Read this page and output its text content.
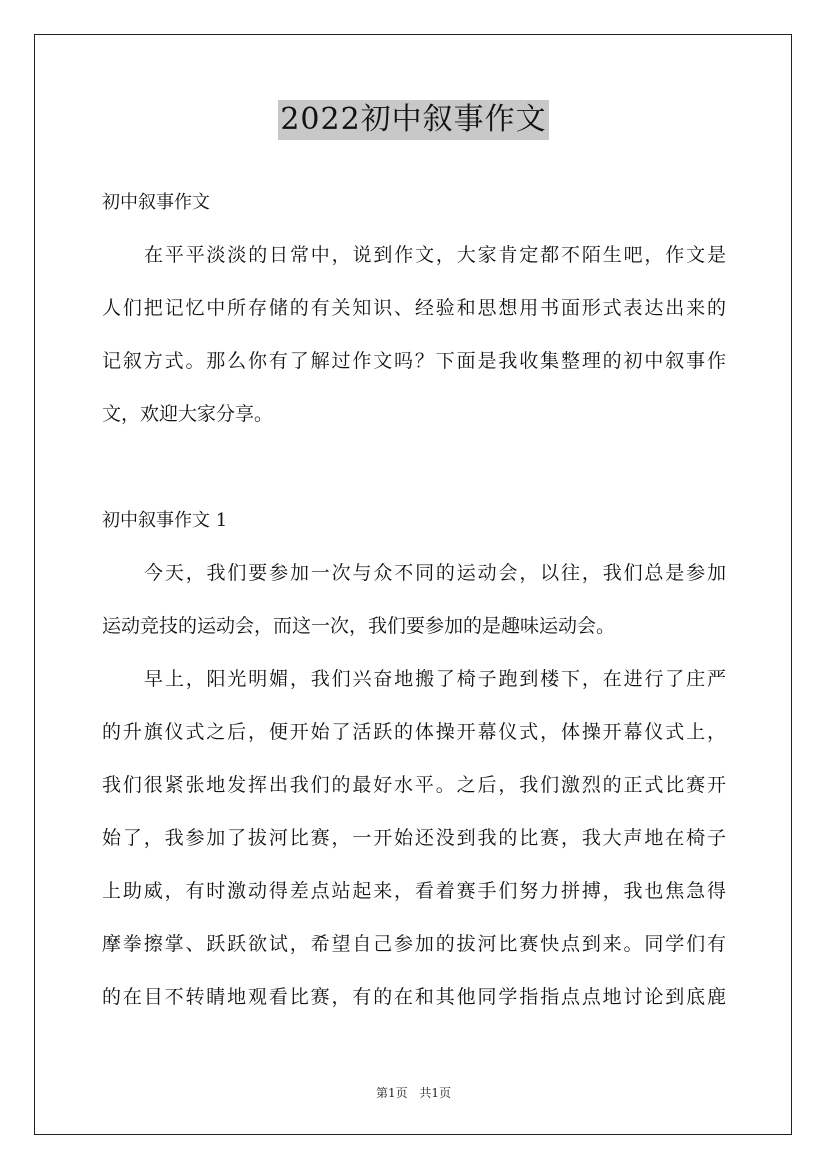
2022初中叙事作文
初中叙事作文
在平平淡淡的日常中，说到作文，大家肯定都不陌生吧，作文是
人们把记忆中所存储的有关知识、经验和思想用书面形式表达出来的
记叙方式。那么你有了解过作文吗？下面是我收集整理的初中叙事作
文，欢迎大家分享。
初中叙事作文 1
今天，我们要参加一次与众不同的运动会，以往，我们总是参加
运动竞技的运动会，而这一次，我们要参加的是趣味运动会。
早上，阳光明媚，我们兴奋地搬了椅子跑到楼下，在进行了庄严
的升旗仪式之后，便开始了活跃的体操开幕仪式，体操开幕仪式上，
我们很紧张地发挥出我们的最好水平。之后，我们激烈的正式比赛开
始了，我参加了拔河比赛，一开始还没到我的比赛，我大声地在椅子
上助威，有时激动得差点站起来，看着赛手们努力拼搏，我也焦急得
摩拳擦掌、跃跃欲试，希望自己参加的拔河比赛快点到来。同学们有
的在目不转睛地观看比赛，有的在和其他同学指指点点地讨论到底鹿
第1页 共1页
